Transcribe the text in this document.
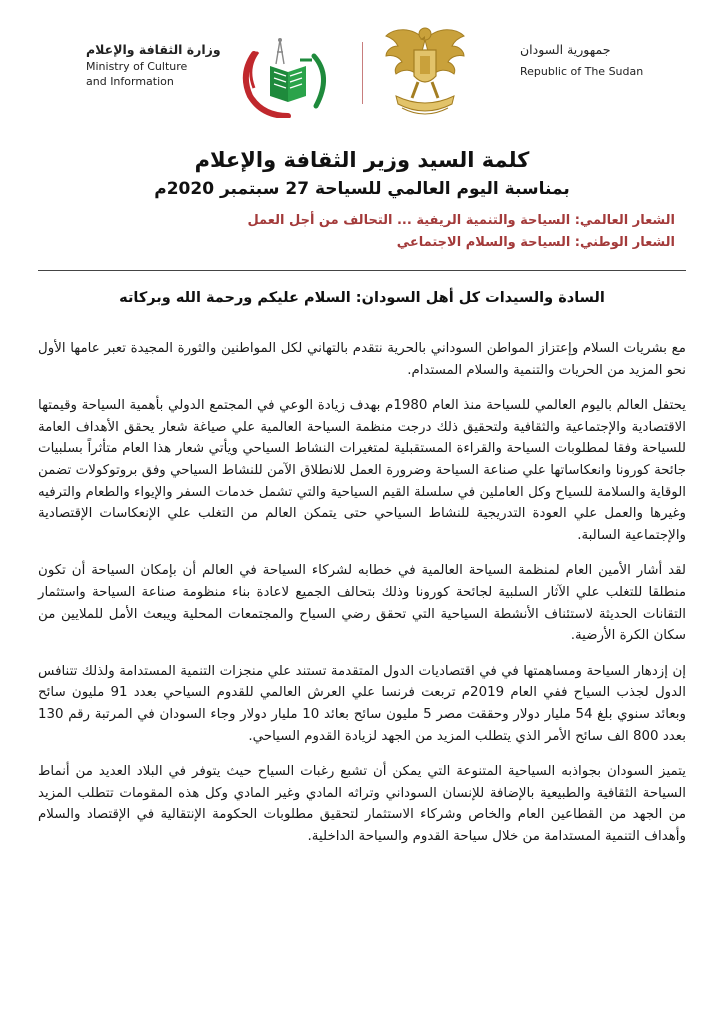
وزارة الثقافة والإعلام
Ministry of Culture
and Information
جمهورية السودان
Republic of The Sudan
كلمة السيد وزير الثقافة والإعلام
بمناسبة اليوم العالمي للسياحة 27 سبتمبر 2020م
الشعار العالمي: السياحة والتنمية الريفية ... التحالف من أجل العمل
الشعار الوطني: السياحة والسلام الاجتماعي
السادة والسيدات كل أهل السودان: السلام عليكم ورحمة الله وبركاته

مع بشريات السلام وإعتزاز المواطن السوداني بالحرية نتقدم بالتهاني لكل المواطنين والثورة المجيدة تعبر عامها الأول نحو المزيد من الحريات والتنمية والسلام المستدام.

يحتفل العالم باليوم العالمي للسياحة منذ العام 1980م بهدف زيادة الوعي في المجتمع الدولي بأهمية السياحة وقيمتها الاقتصادية والإجتماعية والثقافية ولتحقيق ذلك درجت منظمة السياحة العالمية علي صياغة شعار يحقق الأهداف العامة للسياحة وفقا لمطلوبات السياحة والقراءة المستقبلية لمتغيرات النشاط السياحي ويأتي شعار هذا العام متأثراً بسلبيات جائحة كورونا وانعكاساتها علي صناعة السياحة وضرورة العمل للانطلاق الآمن للنشاط السياحي وفق بروتوكولات تضمن الوقاية والسلامة للسياح وكل العاملين في سلسلة القيم السياحية والتي تشمل خدمات السفر والإيواء والطعام والترفيه وغيرها والعمل علي العودة التدريجية للنشاط السياحي حتى يتمكن العالم من التغلب علي الإنعكاسات الإقتصادية والإجتماعية السالبة.

لقد أشار الأمين العام لمنظمة السياحة العالمية في خطابه لشركاء السياحة في العالم أن بإمكان السياحة أن تكون منطلقا للتغلب علي الآثار السلبية لجائحة كورونا وذلك بتحالف الجميع لاعادة بناء منظومة صناعة السياحة واستثمار التقانات الحديثة لاستئناف الأنشطة السياحية التي تحقق رضي السياح والمجتمعات المحلية ويبعث الأمل للملايين من سكان الكرة الأرضية.

إن إزدهار السياحة ومساهمتها في في اقتصاديات الدول المتقدمة تستند علي منجزات التنمية المستدامة ولذلك تتنافس الدول لجذب السياح ففي العام 2019م تربعت فرنسا علي العرش العالمي للقدوم السياحي بعدد 91 مليون سائح وبعائد سنوي بلغ 54 مليار دولار وحققت مصر 5 مليون سائح بعائد 10 مليار دولار وجاء السودان في المرتبة رقم 130 بعدد 800 الف سائح الأمر الذي يتطلب المزيد من الجهد لزيادة القدوم السياحي.

يتميز السودان بجواذبه السياحية المتنوعة التي يمكن أن تشبع رغبات السياح حيث يتوفر في البلاد العديد من أنماط السياحة الثقافية والطبيعية بالإضافة للإنسان السوداني وتراثه المادي وغير المادي وكل هذه المقومات تتطلب المزيد من الجهد من القطاعين العام والخاص وشركاء الاستثمار لتحقيق مطلوبات الحكومة الإنتقالية في الإقتصاد والسلام وأهداف التنمية المستدامة من خلال سياحة القدوم والسياحة الداخلية.
